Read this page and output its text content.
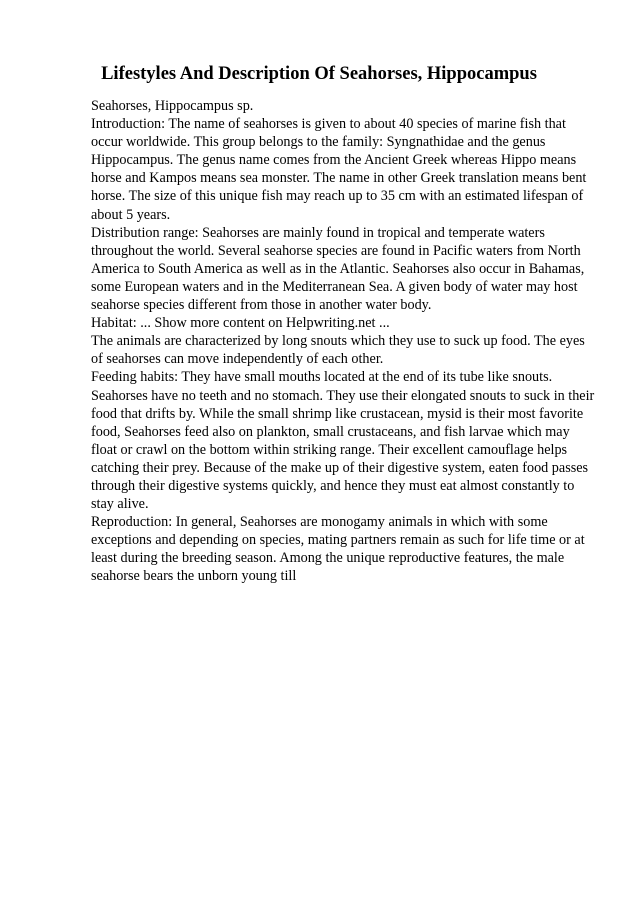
Lifestyles And Description Of Seahorses, Hippocampus

Seahorses, Hippocampus sp.

Introduction: The name of seahorses is given to about 40 species of marine fish that occur worldwide. This group belongs to the family: Syngnathidae and the genus Hippocampus. The genus name comes from the Ancient Greek whereas Hippo means horse and Kampos means sea monster. The name in other Greek translation means bent horse. The size of this unique fish may reach up to 35 cm with an estimated lifespan of about 5 years.

Distribution range: Seahorses are mainly found in tropical and temperate waters throughout the world. Several seahorse species are found in Pacific waters from North America to South America as well as in the Atlantic. Seahorses also occur in Bahamas, some European waters and in the Mediterranean Sea. A given body of water may host seahorse species different from those in another water body.

Habitat: ... Show more content on Helpwriting.net ...

The animals are characterized by long snouts which they use to suck up food. The eyes of seahorses can move independently of each other.

Feeding habits: They have small mouths located at the end of its tube like snouts. Seahorses have no teeth and no stomach. They use their elongated snouts to suck in their food that drifts by. While the small shrimp like crustacean, mysid is their most favorite food, Seahorses feed also on plankton, small crustaceans, and fish larvae which may float or crawl on the bottom within striking range. Their excellent camouflage helps catching their prey. Because of the make up of their digestive system, eaten food passes through their digestive systems quickly, and hence they must eat almost constantly to stay alive.

Reproduction: In general, Seahorses are monogamy animals in which with some exceptions and depending on species, mating partners remain as such for life time or at least during the breeding season. Among the unique reproductive features, the male seahorse bears the unborn young till
